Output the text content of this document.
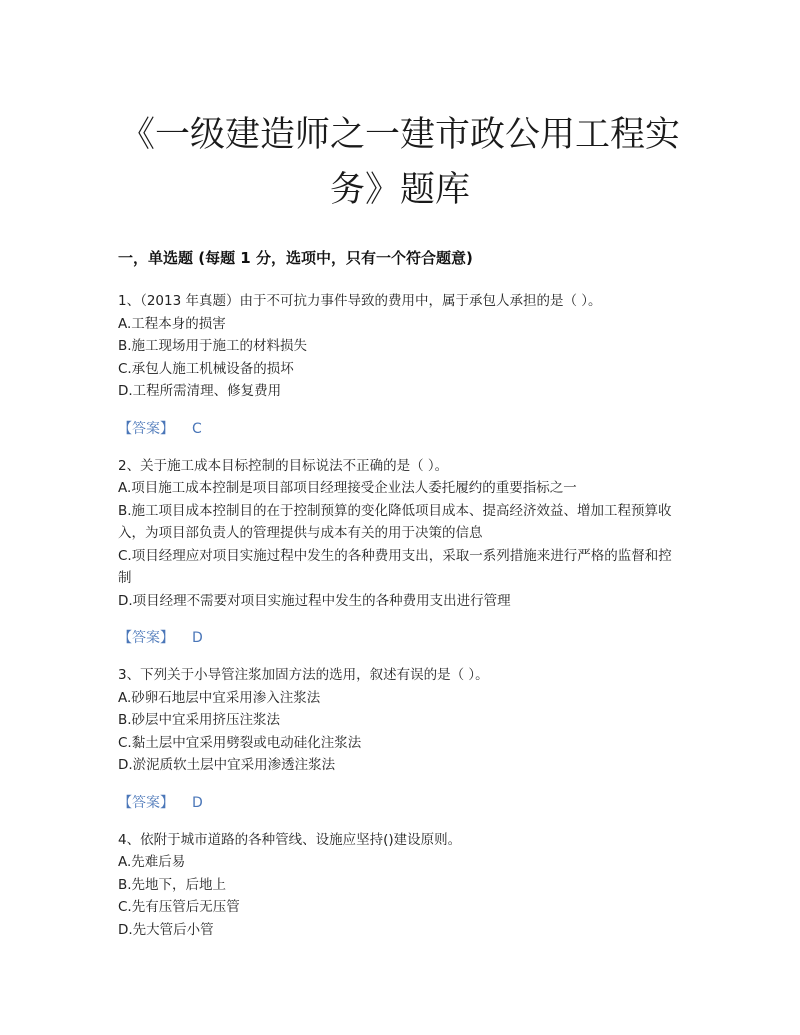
《一级建造师之一建市政公用工程实务》题库
一，单选题 (每题 1 分，选项中，只有一个符合题意)

1、（2013 年真题）由于不可抗力事件导致的费用中，属于承包人承担的是（ ）。

A.工程本身的损害

B.施工现场用于施工的材料损失

C.承包人施工机械设备的损坏

D.工程所需清理、修复费用

【答案】 C

2、关于施工成本目标控制的目标说法不正确的是（ ）。

A.项目施工成本控制是项目部项目经理接受企业法人委托履约的重要指标之一

B.施工项目成本控制目的在于控制预算的变化降低项目成本、提高经济效益、增加工程预算收入，为项目部负责人的管理提供与成本有关的用于决策的信息

C.项目经理应对项目实施过程中发生的各种费用支出，采取一系列措施来进行严格的监督和控制

D.项目经理不需要对项目实施过程中发生的各种费用支出进行管理

【答案】 D

3、下列关于小导管注浆加固方法的选用，叙述有误的是（ ）。

A.砂卵石地层中宜采用渗入注浆法

B.砂层中宜采用挤压注浆法

C.黏土层中宜采用劈裂或电动硅化注浆法

D.淤泥质软土层中宜采用渗透注浆法

【答案】 D

4、依附于城市道路的各种管线、设施应坚持()建设原则。

A.先难后易

B.先地下，后地上

C.先有压管后无压管

D.先大管后小管
